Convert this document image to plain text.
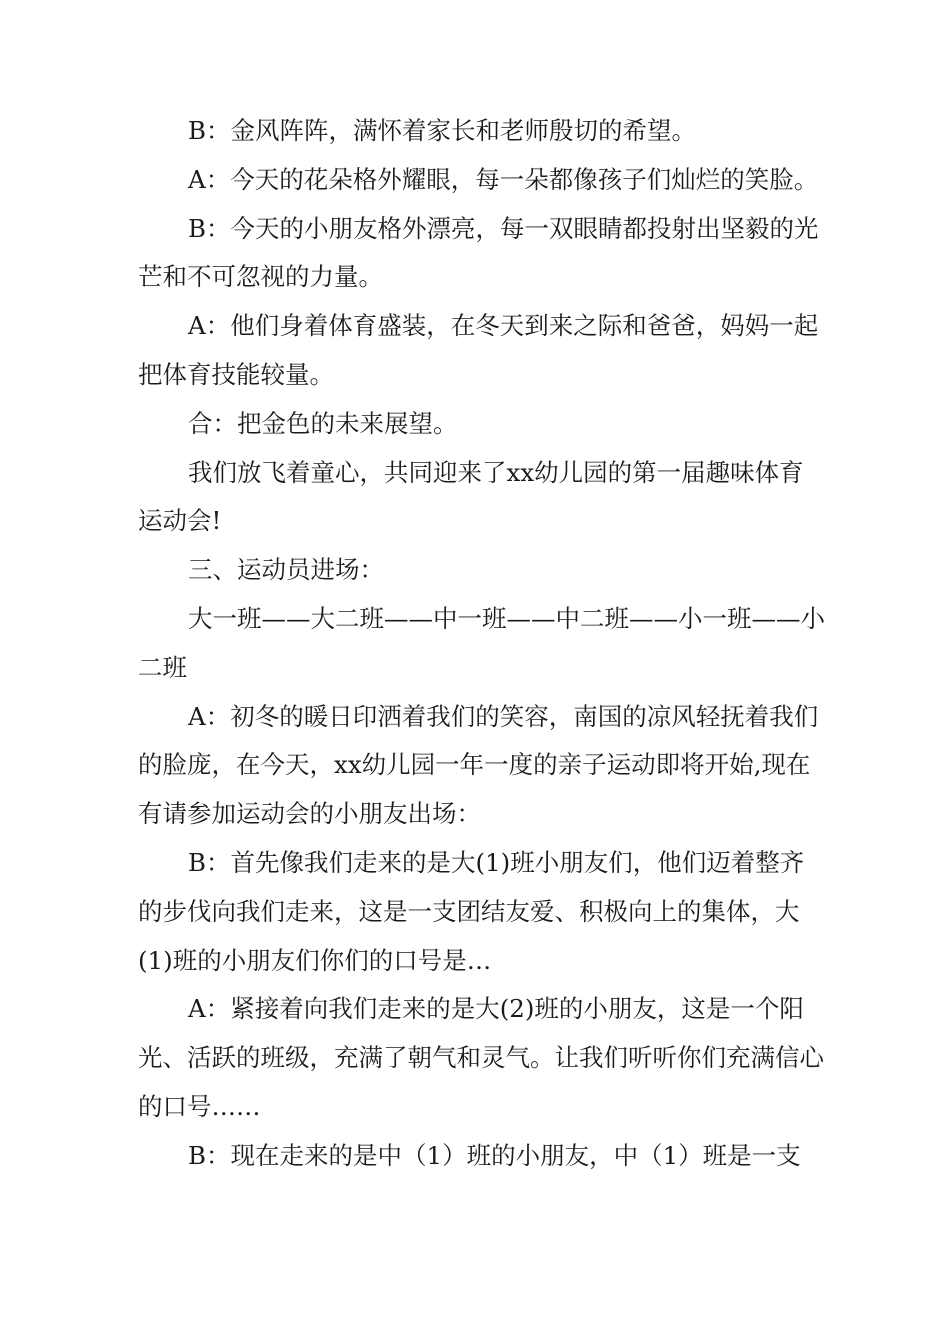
B：金风阵阵，满怀着家长和老师殷切的希望。

A：今天的花朵格外耀眼，每一朵都像孩子们灿烂的笑脸。

B：今天的小朋友格外漂亮，每一双眼睛都投射出坚毅的光芒和不可忽视的力量。

A：他们身着体育盛装，在冬天到来之际和爸爸，妈妈一起把体育技能较量。

合：把金色的未来展望。

我们放飞着童心，共同迎来了xx幼儿园的第一届趣味体育运动会!

三、运动员进场：

大一班——大二班——中一班——中二班——小一班——小二班

A：初冬的暖日印洒着我们的笑容，南国的凉风轻抚着我们的脸庞，在今天，xx幼儿园一年一度的亲子运动即将开始,现在有请参加运动会的小朋友出场：

B：首先像我们走来的是大(1)班小朋友们，他们迈着整齐的步伐向我们走来，这是一支团结友爱、积极向上的集体，大(1)班的小朋友们你们的口号是…

A：紧接着向我们走来的是大(2)班的小朋友，这是一个阳光、活跃的班级，充满了朝气和灵气。让我们听听你们充满信心的口号……

B：现在走来的是中（1）班的小朋友，中（1）班是一支
